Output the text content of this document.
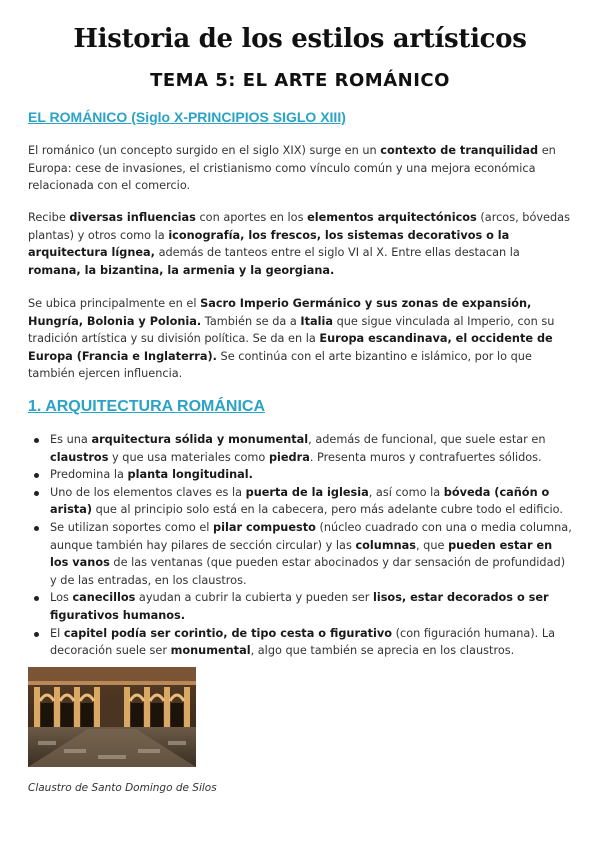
Historia de los estilos artísticos
TEMA 5: EL ARTE ROMÁNICO
EL ROMÁNICO (Siglo X-PRINCIPIOS SIGLO XIII)
El románico (un concepto surgido en el siglo XIX) surge en un contexto de tranquilidad en Europa: cese de invasiones, el cristianismo como vínculo común y una mejora económica relacionada con el comercio.
Recibe diversas influencias con aportes en los elementos arquitectónicos (arcos, bóvedas plantas) y otros como la iconografía, los frescos, los sistemas decorativos o la arquitectura lígnea, además de tanteos entre el siglo VI al X. Entre ellas destacan la romana, la bizantina, la armenia y la georgiana.
Se ubica principalmente en el Sacro Imperio Germánico y sus zonas de expansión, Hungría, Bolonia y Polonia. También se da a Italia que sigue vinculada al Imperio, con su tradición artística y su división política. Se da en la Europa escandinava, el occidente de Europa (Francia e Inglaterra). Se continúa con el arte bizantino e islámico, por lo que también ejercen influencia.
1. ARQUITECTURA ROMÁNICA
Es una arquitectura sólida y monumental, además de funcional, que suele estar en claustros y que usa materiales como piedra. Presenta muros y contrafuertes sólidos.
Predomina la planta longitudinal.
Uno de los elementos claves es la puerta de la iglesia, así como la bóveda (cañón o arista) que al principio solo está en la cabecera, pero más adelante cubre todo el edificio.
Se utilizan soportes como el pilar compuesto (núcleo cuadrado con una o media columna, aunque también hay pilares de sección circular) y las columnas, que pueden estar en los vanos de las ventanas (que pueden estar abocinados y dar sensación de profundidad) y de las entradas, en los claustros.
Los canecillos ayudan a cubrir la cubierta y pueden ser lisos, estar decorados o ser figurativos humanos.
El capitel podía ser corintio, de tipo cesta o figurativo (con figuración humana). La decoración suele ser monumental, algo que también se aprecia en los claustros.
Claustro de Santo Domingo de Silos
